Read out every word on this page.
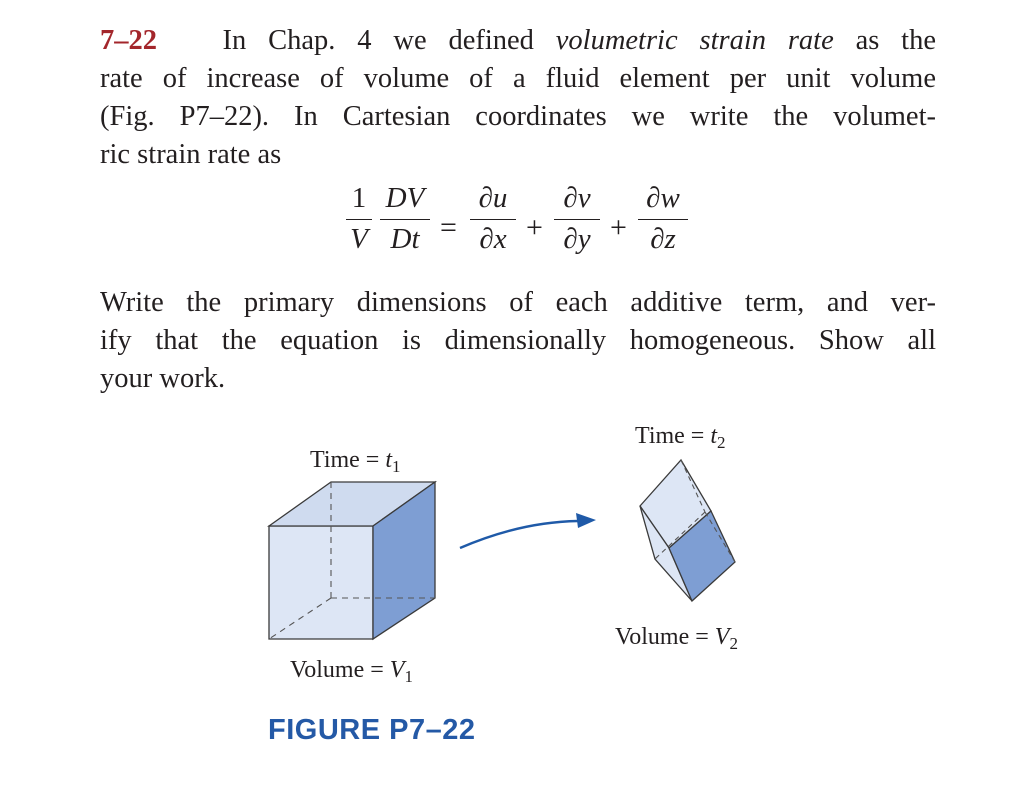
7–22 In Chap. 4 we defined volumetric strain rate as the
rate of increase of volume of a fluid element per unit volume
(Fig. P7–22). In Cartesian coordinates we write the volumet-
ric strain rate as
1
V
DV
Dt =
∂u
∂x +
∂v
∂y +
∂w
∂z
Write the primary dimensions of each additive term, and ver-
ify that the equation is dimensionally homogeneous. Show all
your work.
Time = $t_1$
Time = $t_2$
Volume = $V_1$
Volume = $V_2$
FIGURE P7–22
